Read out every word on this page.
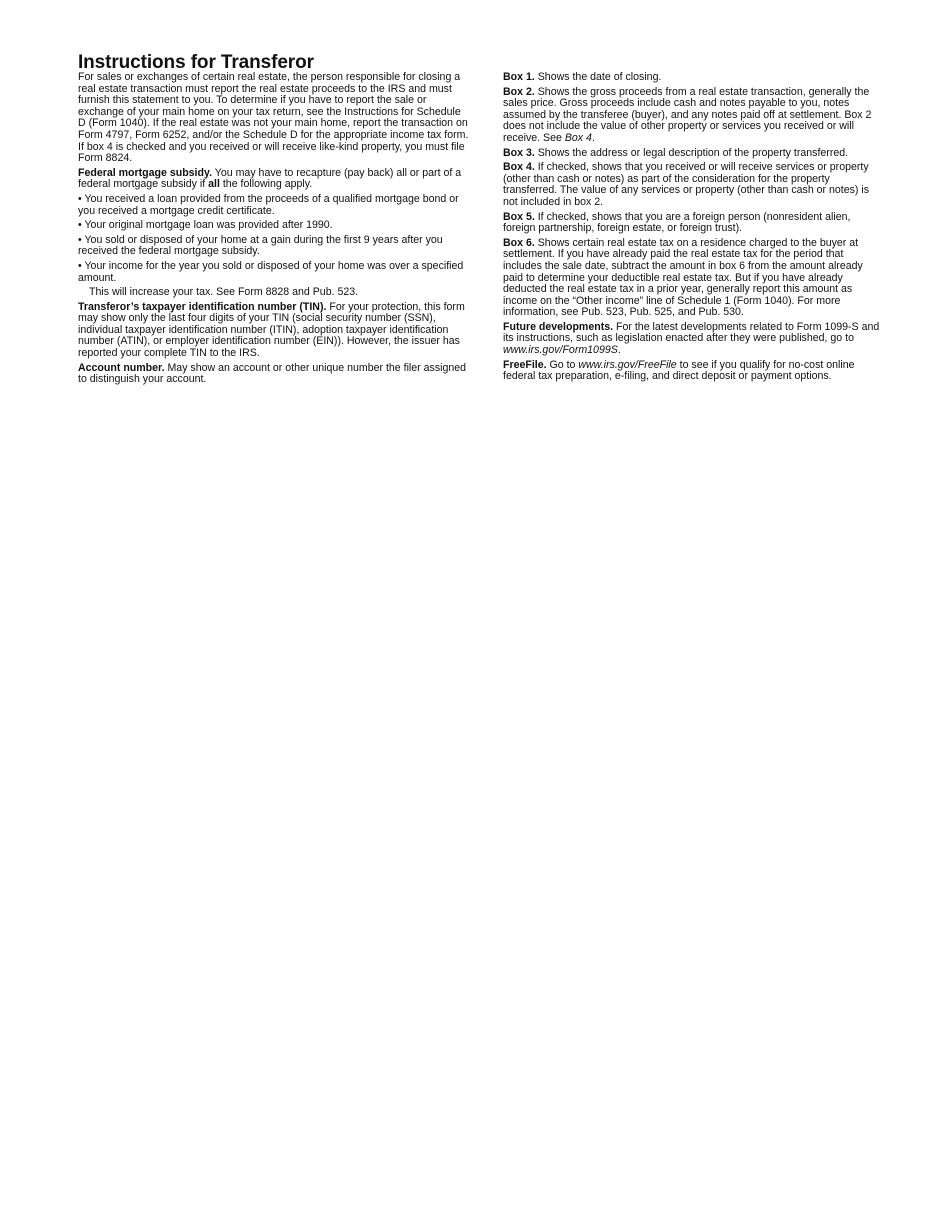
Instructions for Transferor

For sales or exchanges of certain real estate, the person responsible for closing a real estate transaction must report the real estate proceeds to the IRS and must furnish this statement to you. To determine if you have to report the sale or exchange of your main home on your tax return, see the Instructions for Schedule D (Form 1040). If the real estate was not your main home, report the transaction on Form 4797, Form 6252, and/or the Schedule D for the appropriate income tax form. If box 4 is checked and you received or will receive like-kind property, you must file Form 8824.

Federal mortgage subsidy. You may have to recapture (pay back) all or part of a federal mortgage subsidy if all the following apply.

• You received a loan provided from the proceeds of a qualified mortgage bond or you received a mortgage credit certificate.

• Your original mortgage loan was provided after 1990.

• You sold or disposed of your home at a gain during the first 9 years after you received the federal mortgage subsidy.

• Your income for the year you sold or disposed of your home was over a specified amount.

This will increase your tax. See Form 8828 and Pub. 523.

Transferor’s taxpayer identification number (TIN). For your protection, this form may show only the last four digits of your TIN (social security number (SSN), individual taxpayer identification number (ITIN), adoption taxpayer identification number (ATIN), or employer identification number (EIN)). However, the issuer has reported your complete TIN to the IRS.

Account number. May show an account or other unique number the filer assigned to distinguish your account.

Box 1. Shows the date of closing.

Box 2. Shows the gross proceeds from a real estate transaction, generally the sales price. Gross proceeds include cash and notes payable to you, notes assumed by the transferee (buyer), and any notes paid off at settlement. Box 2 does not include the value of other property or services you received or will receive. See Box 4.

Box 3. Shows the address or legal description of the property transferred.

Box 4. If checked, shows that you received or will receive services or property (other than cash or notes) as part of the consideration for the property transferred. The value of any services or property (other than cash or notes) is not included in box 2.

Box 5. If checked, shows that you are a foreign person (nonresident alien, foreign partnership, foreign estate, or foreign trust).

Box 6. Shows certain real estate tax on a residence charged to the buyer at settlement. If you have already paid the real estate tax for the period that includes the sale date, subtract the amount in box 6 from the amount already paid to determine your deductible real estate tax. But if you have already deducted the real estate tax in a prior year, generally report this amount as income on the “Other income” line of Schedule 1 (Form 1040). For more information, see Pub. 523, Pub. 525, and Pub. 530.

Future developments. For the latest developments related to Form 1099-S and its instructions, such as legislation enacted after they were published, go to www.irs.gov/Form1099S.

FreeFile. Go to www.irs.gov/FreeFile to see if you qualify for no-cost online federal tax preparation, e-filing, and direct deposit or payment options.
